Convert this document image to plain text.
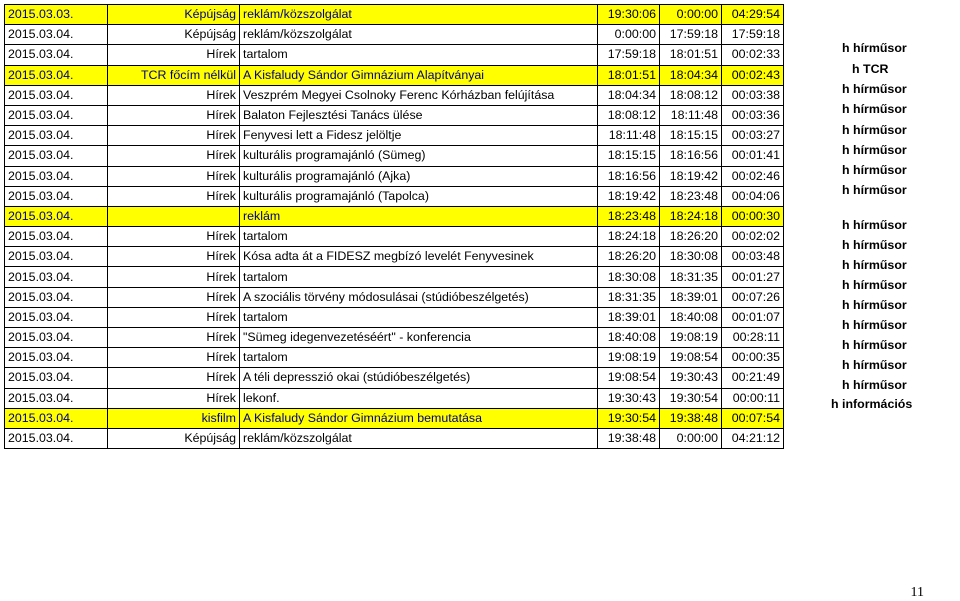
2015.03.03.	Képújság	reklám/közszolgálat	19:30:06	0:00:00	04:29:54
2015.03.04.	Képújság	reklám/közszolgálat	0:00:00	17:59:18	17:59:18
2015.03.04.	Hírek	tartalom	17:59:18	18:01:51	00:02:33
2015.03.04.	TCR főcím nélkül	A Kisfaludy Sándor Gimnázium Alapítványai	18:01:51	18:04:34	00:02:43
2015.03.04.	Hírek	Veszprém Megyei Csolnoky Ferenc Kórházban felújítása	18:04:34	18:08:12	00:03:38
2015.03.04.	Hírek	Balaton Fejlesztési Tanács ülése	18:08:12	18:11:48	00:03:36
2015.03.04.	Hírek	Fenyvesi lett a Fidesz jelöltje	18:11:48	18:15:15	00:03:27
2015.03.04.	Hírek	kulturális programajánló (Sümeg)	18:15:15	18:16:56	00:01:41
2015.03.04.	Hírek	kulturális programajánló (Ajka)	18:16:56	18:19:42	00:02:46
2015.03.04.	Hírek	kulturális programajánló (Tapolca)	18:19:42	18:23:48	00:04:06
2015.03.04.		reklám	18:23:48	18:24:18	00:00:30
2015.03.04.	Hírek	tartalom	18:24:18	18:26:20	00:02:02
2015.03.04.	Hírek	Kósa adta át a FIDESZ megbízó levelét Fenyvesinek	18:26:20	18:30:08	00:03:48
2015.03.04.	Hírek	tartalom	18:30:08	18:31:35	00:01:27
2015.03.04.	Hírek	A szociális törvény módosulásai (stúdióbeszélgetés)	18:31:35	18:39:01	00:07:26
2015.03.04.	Hírek	tartalom	18:39:01	18:40:08	00:01:07
2015.03.04.	Hírek	"Sümeg idegenvezetéséért" - konferencia	18:40:08	19:08:19	00:28:11
2015.03.04.	Hírek	tartalom	19:08:19	19:08:54	00:00:35
2015.03.04.	Hírek	A téli depresszió okai (stúdióbeszélgetés)	19:08:54	19:30:43	00:21:49
2015.03.04.	Hírek	lekonf.	19:30:43	19:30:54	00:00:11
2015.03.04.	kisfilm	A Kisfaludy Sándor Gimnázium bemutatása	19:30:54	19:38:48	00:07:54
2015.03.04.	Képújság	reklám/közszolgálat	19:38:48	0:00:00	04:21:12
h hírműsor
h TCR
h hírműsor
h hírműsor
h hírműsor
h hírműsor
h hírműsor
h hírműsor
h hírműsor
h hírműsor
h hírműsor
h hírműsor
h hírműsor
h hírműsor
h hírműsor
h hírműsor
h hírműsor
h információs
11
